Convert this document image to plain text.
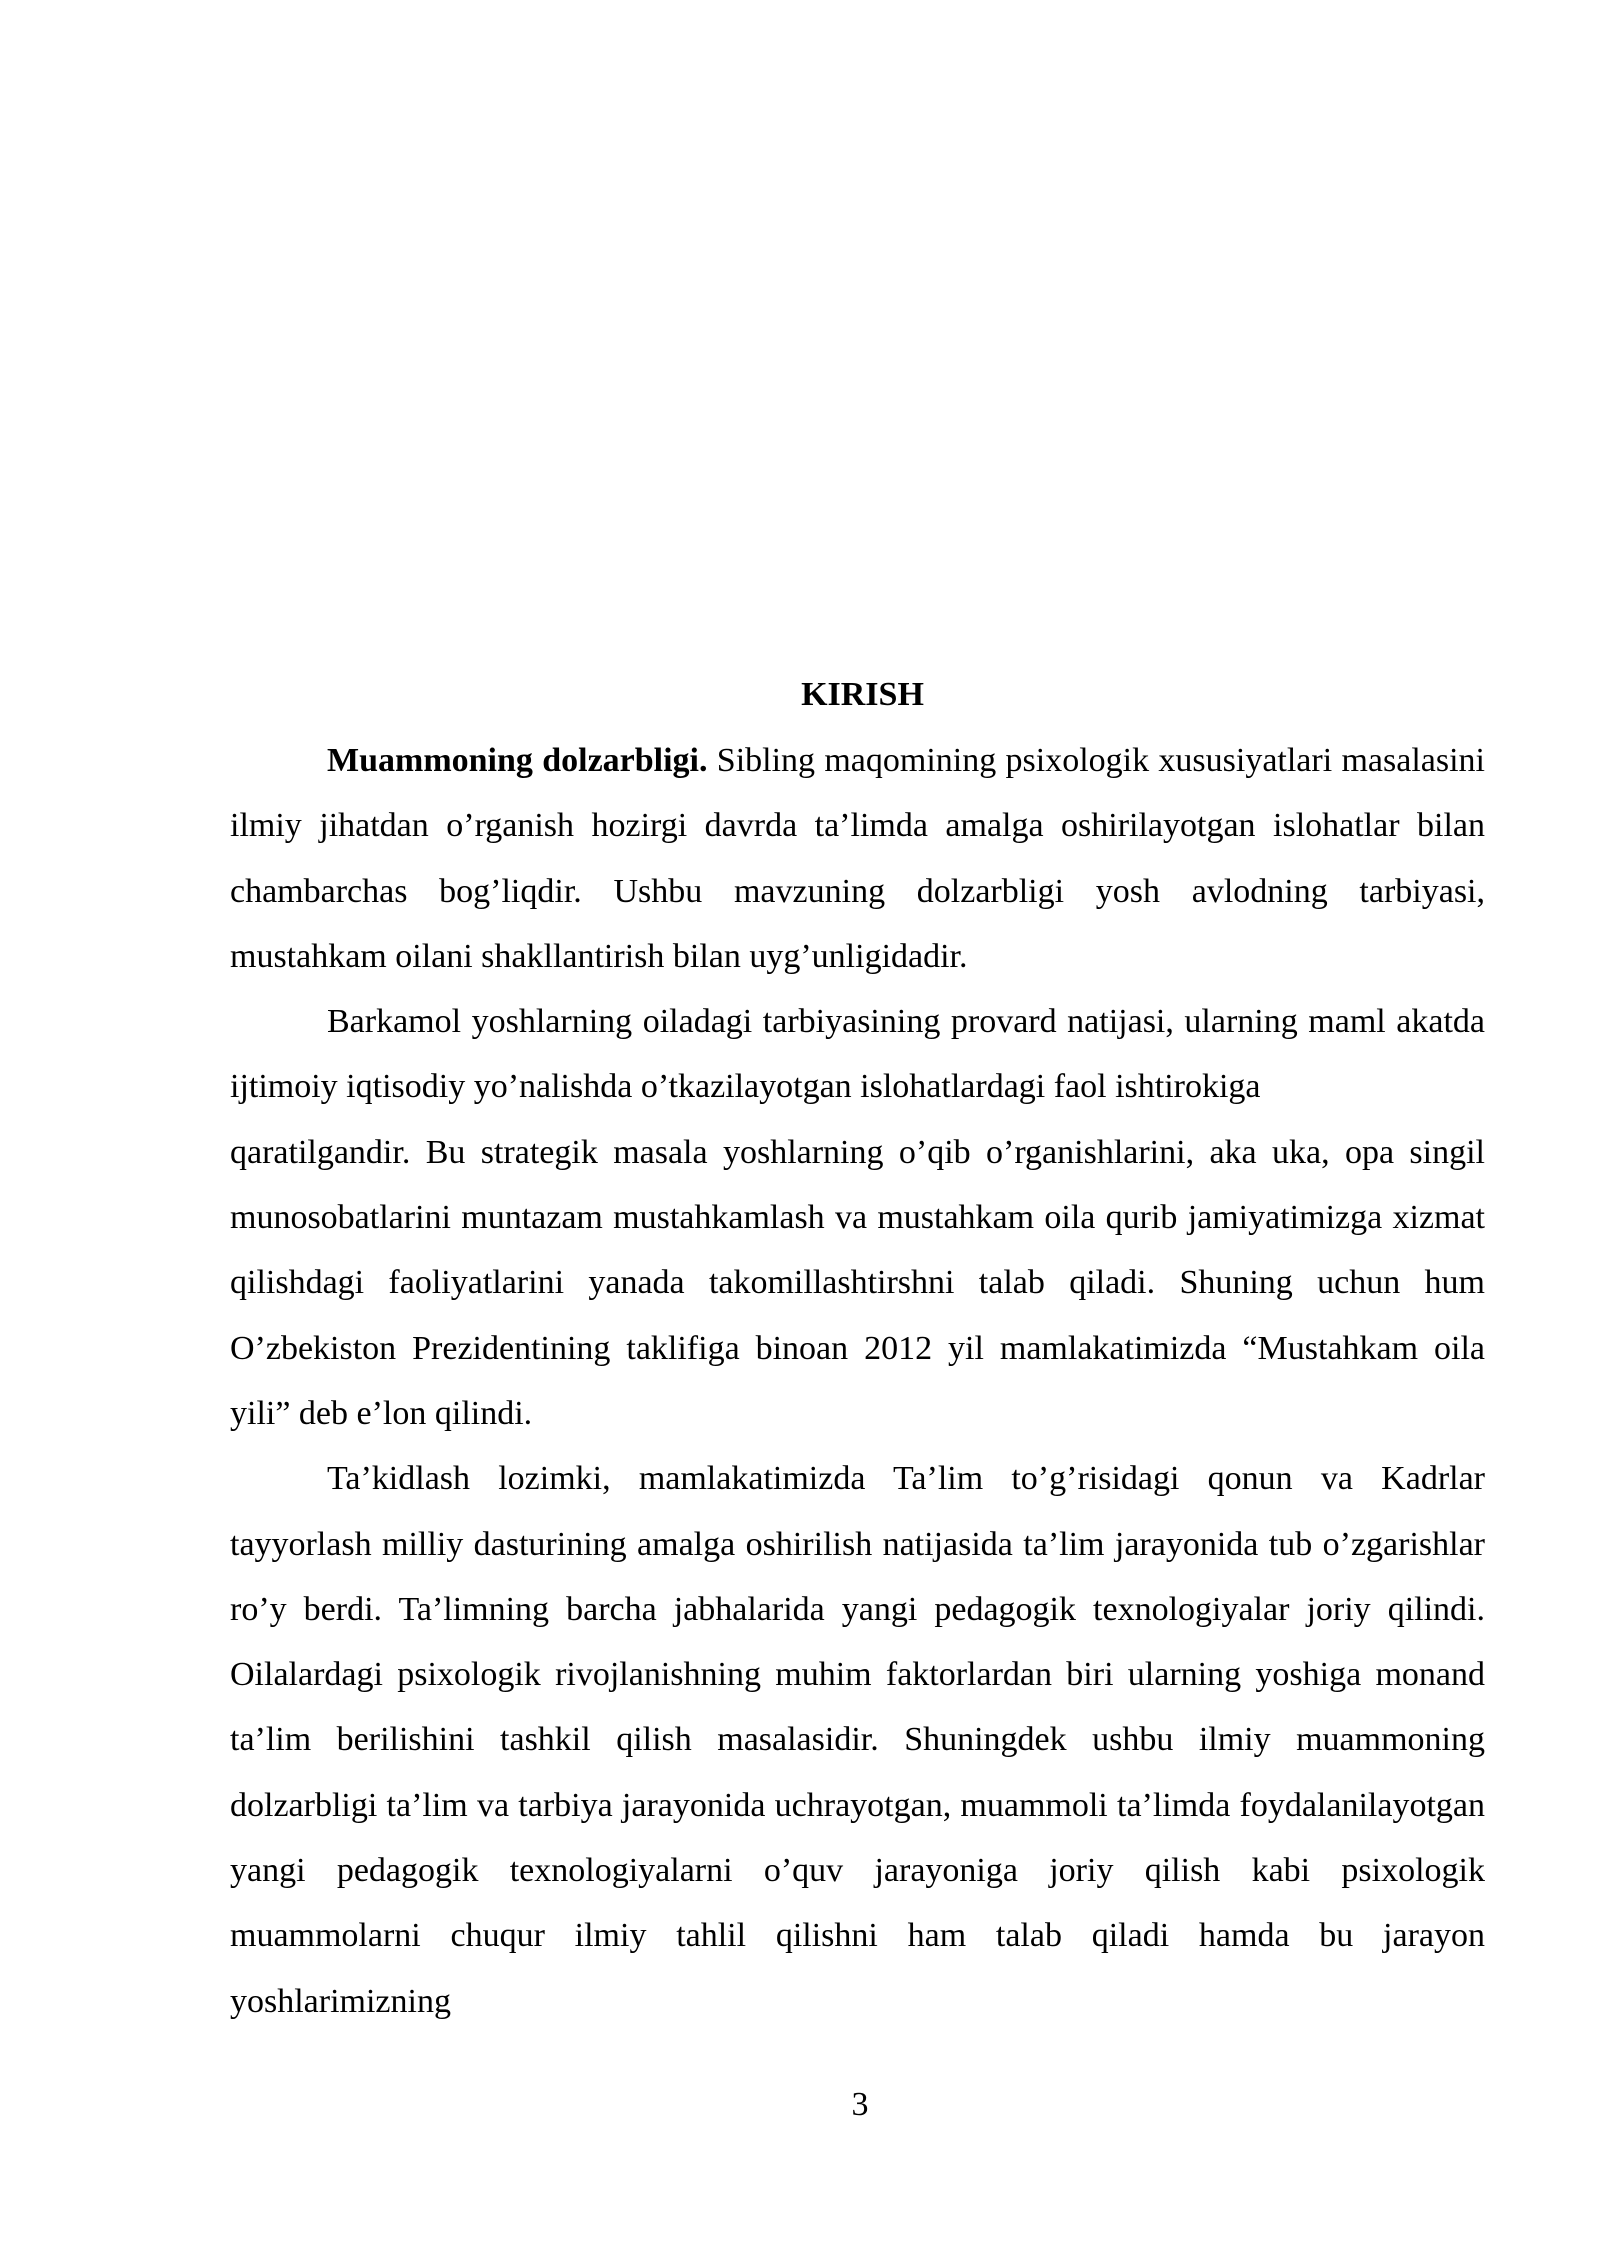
KIRISH

Muammoning dolzarbligi. Sibling maqomining psixologik xususiyatlari masalasini ilmiy jihatdan o’rganish hozirgi davrda ta’limda amalga oshirilayotgan islohatlar bilan chambarchas bog’liqdir. Ushbu mavzuning dolzarbligi yosh avlodning tarbiyasi, mustahkam oilani shakllantirish bilan uyg’unligidadir.

Barkamol yoshlarning oiladagi tarbiyasining provard natijasi, ularning maml akatda ijtimoiy iqtisodiy yo’nalishda o’tkazilayotgan islohatlardagi faol ishtirokiga

qaratilgandir. Bu strategik masala yoshlarning o’qib o’rganishlarini, aka uka, opa singil munosobatlarini muntazam mustahkamlash va mustahkam oila qurib jamiyatimizga xizmat qilishdagi faoliyatlarini yanada takomillashtirshni talab qiladi. Shuning uchun hum O’zbekiston Prezidentining taklifiga binoan 2012 yil mamlakatimizda “Mustahkam oila yili” deb e’lon qilindi.

Ta’kidlash lozimki, mamlakatimizda Ta’lim to’g’risidagi qonun va Kadrlar tayyorlash milliy dasturining amalga oshirilish natijasida ta’lim jarayonida tub o’zgarishlar ro’y berdi. Ta’limning barcha jabhalarida yangi pedagogik texnologiyalar joriy qilindi. Oilalardagi psixologik rivojlanishning muhim faktorlardan biri ularning yoshiga monand ta’lim berilishini tashkil qilish masalasidir. Shuningdek ushbu ilmiy muammoning dolzarbligi ta’lim va tarbiya jarayonida uchrayotgan, muammoli ta’limda foydalanilayotgan yangi pedagogik texnologiyalarni o’quv jarayoniga joriy qilish kabi psixologik muammolarni chuqur ilmiy tahlil qilishni ham talab qiladi hamda bu jarayon yoshlarimizning

3
